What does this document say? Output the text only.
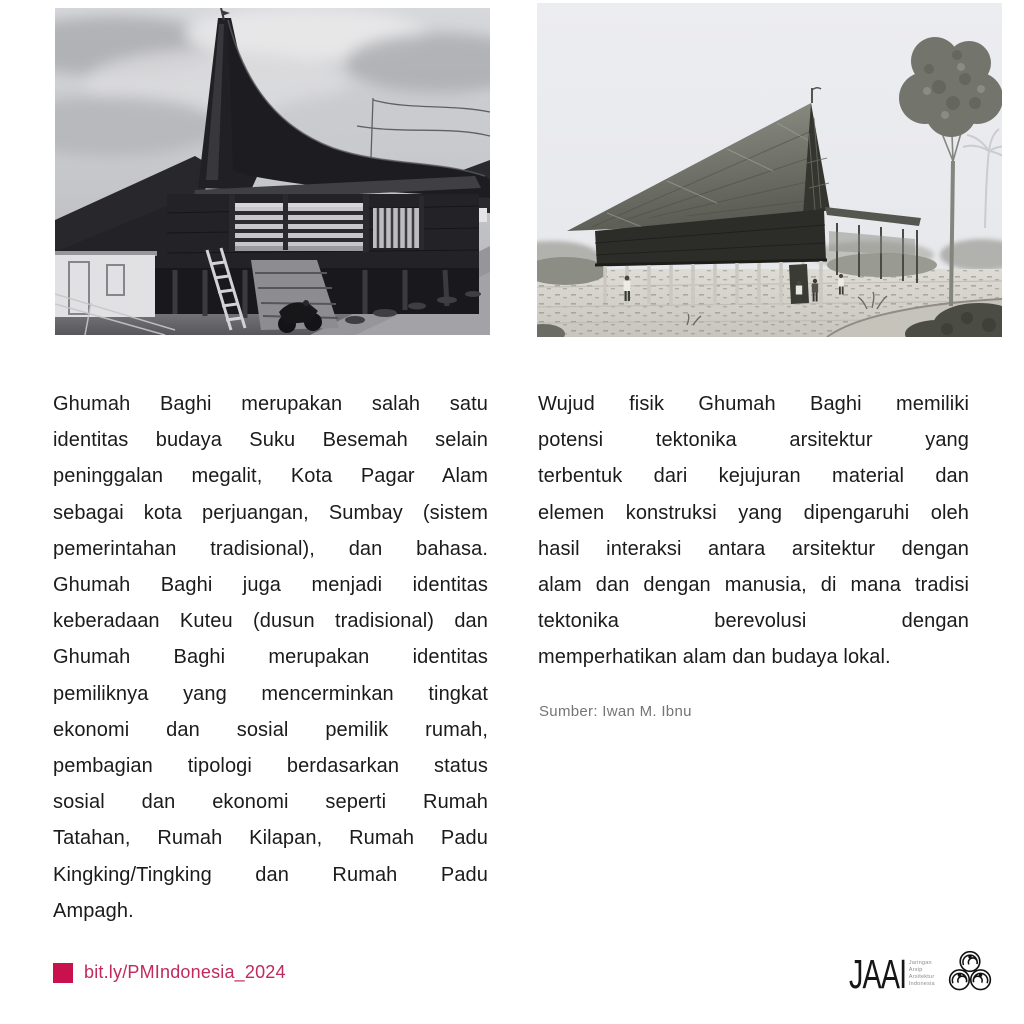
Ghumah Baghi merupakan salah satu
identitas budaya Suku Besemah selain
peninggalan megalit, Kota Pagar Alam
sebagai kota perjuangan, Sumbay (sistem
pemerintahan tradisional), dan bahasa.
Ghumah Baghi juga menjadi identitas
keberadaan Kuteu (dusun tradisional) dan
Ghumah Baghi merupakan identitas
pemiliknya yang mencerminkan tingkat
ekonomi dan sosial pemilik rumah,
pembagian tipologi berdasarkan status
sosial dan ekonomi seperti Rumah
Tatahan, Rumah Kilapan, Rumah Padu
Kingking/Tingking dan Rumah Padu
Ampagh.
Wujud fisik Ghumah Baghi memiliki
potensi tektonika arsitektur yang
terbentuk dari kejujuran material dan
elemen konstruksi yang dipengaruhi oleh
hasil interaksi antara arsitektur dengan
alam dan dengan manusia, di mana tradisi
tektonika berevolusi dengan
memperhatikan alam dan budaya lokal.
Sumber: Iwan M. Ibnu
bit.ly/PMIndonesia_2024	JAAI Jaringan
Arsip
Arsitektur
Indonesia
